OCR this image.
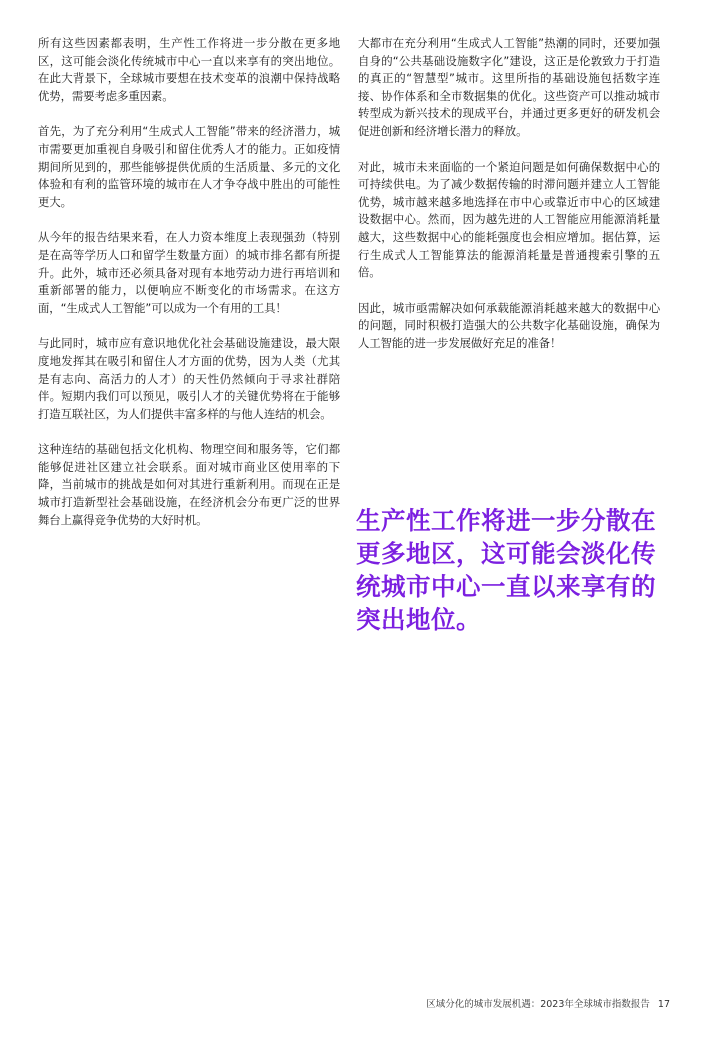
所有这些因素都表明，生产性工作将进一步分散在更多地区，这可能会淡化传统城市中心一直以来享有的突出地位。在此大背景下，全球城市要想在技术变革的浪潮中保持战略优势，需要考虑多重因素。

首先，为了充分利用“生成式人工智能”带来的经济潜力，城市需要更加重视自身吸引和留住优秀人才的能力。正如疫情期间所见到的，那些能够提供优质的生活质量、多元的文化体验和有利的监管环境的城市在人才争夺战中胜出的可能性更大。

从今年的报告结果来看，在人力资本维度上表现强劲（特别是在高等学历人口和留学生数量方面）的城市排名都有所提升。此外，城市还必须具备对现有本地劳动力进行再培训和重新部署的能力，以便响应不断变化的市场需求。在这方面，“生成式人工智能”可以成为一个有用的工具！

与此同时，城市应有意识地优化社会基础设施建设，最大限度地发挥其在吸引和留住人才方面的优势，因为人类（尤其是有志向、高活力的人才）的天性仍然倾向于寻求社群陪伴。短期内我们可以预见，吸引人才的关键优势将在于能够打造互联社区，为人们提供丰富多样的与他人连结的机会。

这种连结的基础包括文化机构、物理空间和服务等，它们都能够促进社区建立社会联系。面对城市商业区使用率的下降，当前城市的挑战是如何对其进行重新利用。而现在正是城市打造新型社会基础设施，在经济机会分布更广泛的世界舞台上赢得竞争优势的大好时机。

大都市在充分利用“生成式人工智能”热潮的同时，还要加强自身的“公共基础设施数字化”建设，这正是伦敦致力于打造的真正的“智慧型”城市。这里所指的基础设施包括数字连接、协作体系和全市数据集的优化。这些资产可以推动城市转型成为新兴技术的现成平台，并通过更多更好的研发机会促进创新和经济增长潜力的释放。

对此，城市未来面临的一个紧迫问题是如何确保数据中心的可持续供电。为了减少数据传输的时滞问题并建立人工智能优势，城市越来越多地选择在市中心或靠近市中心的区域建设数据中心。然而，因为越先进的人工智能应用能源消耗量越大，这些数据中心的能耗强度也会相应增加。据估算，运行生成式人工智能算法的能源消耗量是普通搜索引擎的五倍。

因此，城市亟需解决如何承载能源消耗越来越大的数据中心的问题，同时积极打造强大的公共数字化基础设施，确保为人工智能的进一步发展做好充足的准备！

生产性工作将进一步分散在更多地区，这可能会淡化传统城市中心一直以来享有的突出地位。

区域分化的城市发展机遇：2023年全球城市指数报告 17
